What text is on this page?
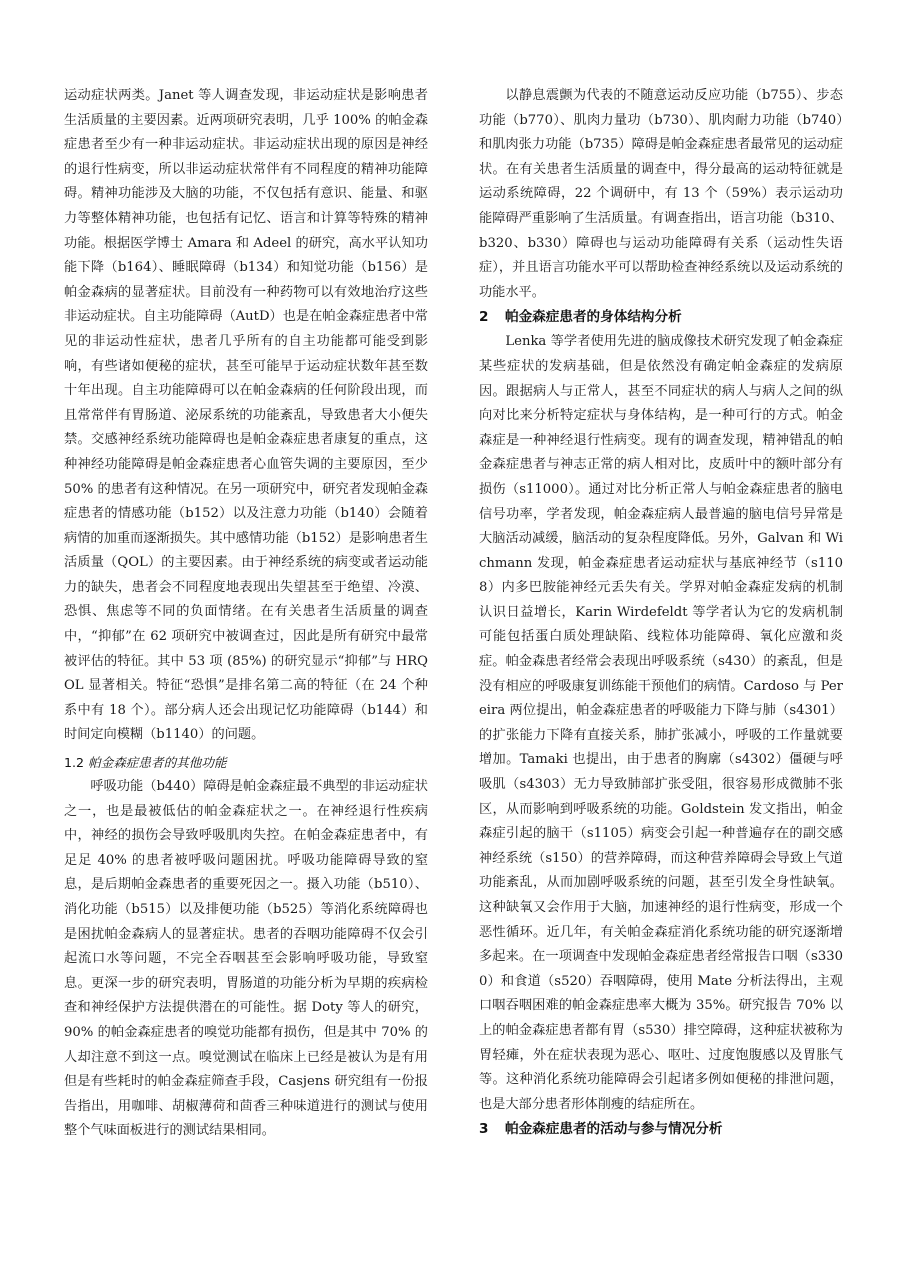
运动症状两类。Janet 等人调查发现，非运动症状是影响患者生活质量的主要因素。近两项研究表明，几乎 100% 的帕金森症患者至少有一种非运动症状。非运动症状出现的原因是神经的退行性病变，所以非运动症状常伴有不同程度的精神功能障碍。精神功能涉及大脑的功能，不仅包括有意识、能量、和驱力等整体精神功能，也包括有记忆、语言和计算等特殊的精神功能。根据医学博士 Amara 和 Adeel 的研究，高水平认知功能下降（b164）、睡眠障碍（b134）和知觉功能（b156）是帕金森病的显著症状。目前没有一种药物可以有效地治疗这些非运动症状。自主功能障碍（AutD）也是在帕金森症患者中常见的非运动性症状，患者几乎所有的自主功能都可能受到影响，有些诸如便秘的症状，甚至可能早于运动症状数年甚至数十年出现。自主功能障碍可以在帕金森病的任何阶段出现，而且常常伴有胃肠道、泌尿系统的功能紊乱，导致患者大小便失禁。交感神经系统功能障碍也是帕金森症患者康复的重点，这种神经功能障碍是帕金森症患者心血管失调的主要原因，至少 50% 的患者有这种情况。在另一项研究中，研究者发现帕金森症患者的情感功能（b152）以及注意力功能（b140）会随着病情的加重而逐渐损失。其中感情功能（b152）是影响患者生活质量（QOL）的主要因素。由于神经系统的病变或者运动能力的缺失，患者会不同程度地表现出失望甚至于绝望、冷漠、恐惧、焦虑等不同的负面情绪。在有关患者生活质量的调查中，“抑郁”在 62 项研究中被调查过，因此是所有研究中最常被评估的特征。其中 53 项 (85%) 的研究显示“抑郁”与 HRQOL 显著相关。特征“恐惧”是排名第二高的特征（在 24 个种系中有 18 个）。部分病人还会出现记忆功能障碍（b144）和时间定向模糊（b1140）的问题。

1.2 帕金森症患者的其他功能

呼吸功能（b440）障碍是帕金森症最不典型的非运动症状之一，也是最被低估的帕金森症状之一。在神经退行性疾病中，神经的损伤会导致呼吸肌肉失控。在帕金森症患者中，有足足 40% 的患者被呼吸问题困扰。呼吸功能障碍导致的窒息，是后期帕金森患者的重要死因之一。摄入功能（b510）、消化功能（b515）以及排便功能（b525）等消化系统障碍也是困扰帕金森病人的显著症状。患者的吞咽功能障碍不仅会引起流口水等问题，不完全吞咽甚至会影响呼吸功能，导致窒息。更深一步的研究表明，胃肠道的功能分析为早期的疾病检查和神经保护方法提供潜在的可能性。据 Doty 等人的研究，90% 的帕金森症患者的嗅觉功能都有损伤，但是其中 70% 的人却注意不到这一点。嗅觉测试在临床上已经是被认为是有用但是有些耗时的帕金森症筛查手段，Casjens 研究组有一份报告指出，用咖啡、胡椒薄荷和茴香三种味道进行的测试与使用整个气味面板进行的测试结果相同。

以静息震颤为代表的不随意运动反应功能（b755）、步态功能（b770）、肌肉力量功（b730）、肌肉耐力功能（b740）和肌肉张力功能（b735）障碍是帕金森症患者最常见的运动症状。在有关患者生活质量的调查中，得分最高的运动特征就是运动系统障碍，22 个调研中，有 13 个（59%）表示运动功能障碍严重影响了生活质量。有调查指出，语言功能（b310、b320、b330）障碍也与运动功能障碍有关系（运动性失语症），并且语言功能水平可以帮助检查神经系统以及运动系统的功能水平。

2 帕金森症患者的身体结构分析

Lenka 等学者使用先进的脑成像技术研究发现了帕金森症某些症状的发病基础，但是依然没有确定帕金森症的发病原因。跟据病人与正常人，甚至不同症状的病人与病人之间的纵向对比来分析特定症状与身体结构，是一种可行的方式。帕金森症是一种神经退行性病变。现有的调查发现，精神错乱的帕金森症患者与神志正常的病人相对比，皮质叶中的额叶部分有损伤（s11000）。通过对比分析正常人与帕金森症患者的脑电信号功率，学者发现，帕金森症病人最普遍的脑电信号异常是大脑活动减缓，脑活动的复杂程度降低。另外，Galvan 和 Wichmann 发现，帕金森症患者运动症状与基底神经节（s1108）内多巴胺能神经元丢失有关。学界对帕金森症发病的机制认识日益增长，Karin Wirdefeldt 等学者认为它的发病机制可能包括蛋白质处理缺陷、线粒体功能障碍、氧化应激和炎症。帕金森患者经常会表现出呼吸系统（s430）的紊乱，但是没有相应的呼吸康复训练能干预他们的病情。Cardoso 与 Pereira 两位提出，帕金森症患者的呼吸能力下降与肺（s4301）的扩张能力下降有直接关系，肺扩张减小，呼吸的工作量就要增加。Tamaki 也提出，由于患者的胸廓（s4302）僵硬与呼吸肌（s4303）无力导致肺部扩张受阻，很容易形成微肺不张区，从而影响到呼吸系统的功能。Goldstein 发文指出，帕金森症引起的脑干（s1105）病变会引起一种普遍存在的副交感神经系统（s150）的营养障碍，而这种营养障碍会导致上气道功能紊乱，从而加剧呼吸系统的问题，甚至引发全身性缺氧。这种缺氧又会作用于大脑，加速神经的退行性病变，形成一个恶性循环。近几年，有关帕金森症消化系统功能的研究逐渐增多起来。在一项调查中发现帕金森症患者经常报告口咽（s3300）和食道（s520）吞咽障碍，使用 Mate 分析法得出，主观口咽吞咽困难的帕金森症患率大概为 35%。研究报告 70% 以上的帕金森症患者都有胃（s530）排空障碍，这种症状被称为胃轻瘫，外在症状表现为恶心、呕吐、过度饱腹感以及胃胀气等。这种消化系统功能障碍会引起诸多例如便秘的排泄问题，也是大部分患者形体削瘦的结症所在。

3 帕金森症患者的活动与参与情况分析
